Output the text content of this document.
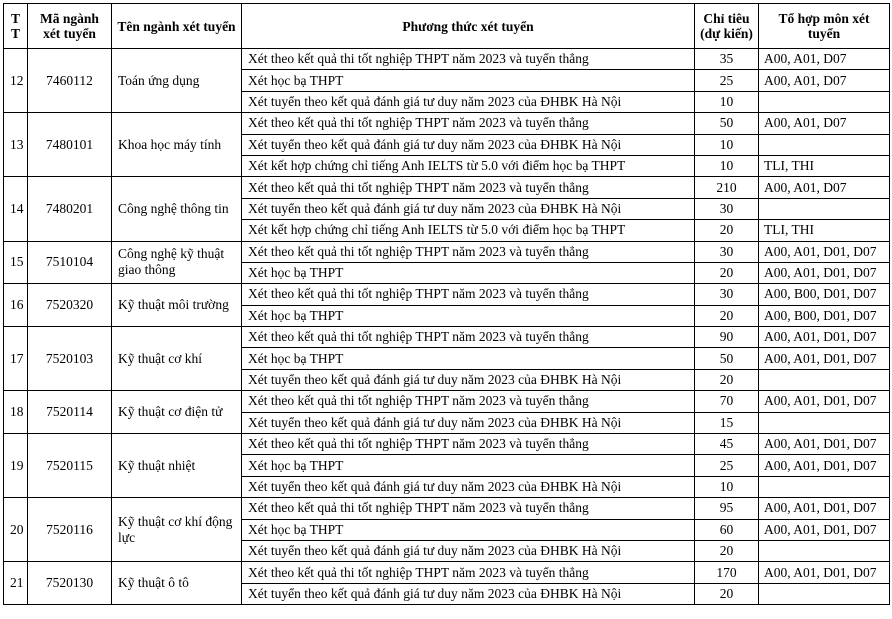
T T	Mã ngành xét tuyển	Tên ngành xét tuyển	Phương thức xét tuyển	Chỉ tiêu (dự kiến)	Tổ hợp môn xét tuyển
12	7460112	Toán ứng dụng	Xét theo kết quả thi tốt nghiệp THPT năm 2023 và tuyển thẳng	35	A00, A01, D07
			Xét học bạ THPT	25	A00, A01, D07
			Xét tuyển theo kết quả đánh giá tư duy năm 2023 của ĐHBK Hà Nội	10	
13	7480101	Khoa học máy tính	Xét theo kết quả thi tốt nghiệp THPT năm 2023 và tuyển thẳng	50	A00, A01, D07
			Xét tuyển theo kết quả đánh giá tư duy năm 2023 của ĐHBK Hà Nội	10	
			Xét kết hợp chứng chỉ tiếng Anh IELTS từ 5.0 với điểm học bạ THPT	10	TLI, THI
14	7480201	Công nghệ thông tin	Xét theo kết quả thi tốt nghiệp THPT năm 2023 và tuyển thẳng	210	A00, A01, D07
			Xét tuyển theo kết quả đánh giá tư duy năm 2023 của ĐHBK Hà Nội	30	
			Xét kết hợp chứng chỉ tiếng Anh IELTS từ 5.0 với điểm học bạ THPT	20	TLI, THI
15	7510104	Công nghệ kỹ thuật giao thông	Xét theo kết quả thi tốt nghiệp THPT năm 2023 và tuyển thẳng	30	A00, A01, D01, D07
			Xét học bạ THPT	20	A00, A01, D01, D07
16	7520320	Kỹ thuật môi trường	Xét theo kết quả thi tốt nghiệp THPT năm 2023 và tuyển thẳng	30	A00, B00, D01, D07
			Xét học bạ THPT	20	A00, B00, D01, D07
17	7520103	Kỹ thuật cơ khí	Xét theo kết quả thi tốt nghiệp THPT năm 2023 và tuyển thẳng	90	A00, A01, D01, D07
			Xét học bạ THPT	50	A00, A01, D01, D07
			Xét tuyển theo kết quả đánh giá tư duy năm 2023 của ĐHBK Hà Nội	20	
18	7520114	Kỹ thuật cơ điện tử	Xét theo kết quả thi tốt nghiệp THPT năm 2023 và tuyển thẳng	70	A00, A01, D01, D07
			Xét tuyển theo kết quả đánh giá tư duy năm 2023 của ĐHBK Hà Nội	15	
19	7520115	Kỹ thuật nhiệt	Xét theo kết quả thi tốt nghiệp THPT năm 2023 và tuyển thẳng	45	A00, A01, D01, D07
			Xét học bạ THPT	25	A00, A01, D01, D07
			Xét tuyển theo kết quả đánh giá tư duy năm 2023 của ĐHBK Hà Nội	10	
20	7520116	Kỹ thuật cơ khí động lực	Xét theo kết quả thi tốt nghiệp THPT năm 2023 và tuyển thẳng	95	A00, A01, D01, D07
			Xét học bạ THPT	60	A00, A01, D01, D07
			Xét tuyển theo kết quả đánh giá tư duy năm 2023 của ĐHBK Hà Nội	20	
21	7520130	Kỹ thuật ô tô	Xét theo kết quả thi tốt nghiệp THPT năm 2023 và tuyển thẳng	170	A00, A01, D01, D07
			Xét tuyển theo kết quả đánh giá tư duy năm 2023 của ĐHBK Hà Nội	20	
